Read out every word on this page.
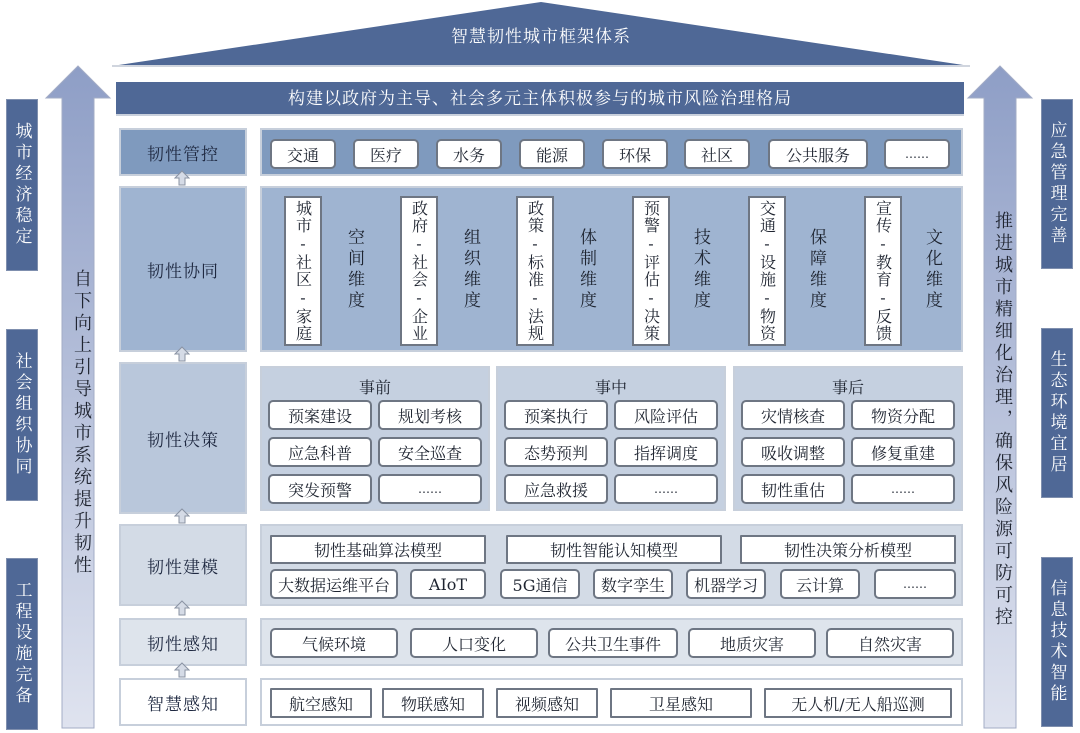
智慧韧性城市框架体系
构建以政府为主导、社会多元主体积极参与的城市风险治理格局
城市经济稳定
社会组织协同
工程设施完备
自下向上引导城市系统提升韧性
应急管理完善
生态环境宜居
信息技术智能
推进城市精细化治理，确保风险源可防可控
韧性管控	交通	医疗	水务	能源	环保	社区	公共服务	……
韧性协同	城市-社区-家庭	空间维度	政府-社会-企业	组织维度	政策-标准-法规	体制维度	预警-评估-决策	技术维度	交通-设施-物资	保障维度	宣传-教育-反馈	文化维度
韧性决策
事前
预案建设	规划考核
应急科普	安全巡查
突发预警	……
事中
预案执行	风险评估
态势预判	指挥调度
应急救援	……
事后
灾情核查	物资分配
吸收调整	修复重建
韧性重估	……
韧性建模
韧性基础算法模型	韧性智能认知模型	韧性决策分析模型
大数据运维平台	AIoT	5G通信	数字孪生	机器学习	云计算	……
韧性感知	气候环境	人口变化	公共卫生事件	地质灾害	自然灾害
智慧感知	航空感知	物联感知	视频感知	卫星感知	无人机/无人船巡测
